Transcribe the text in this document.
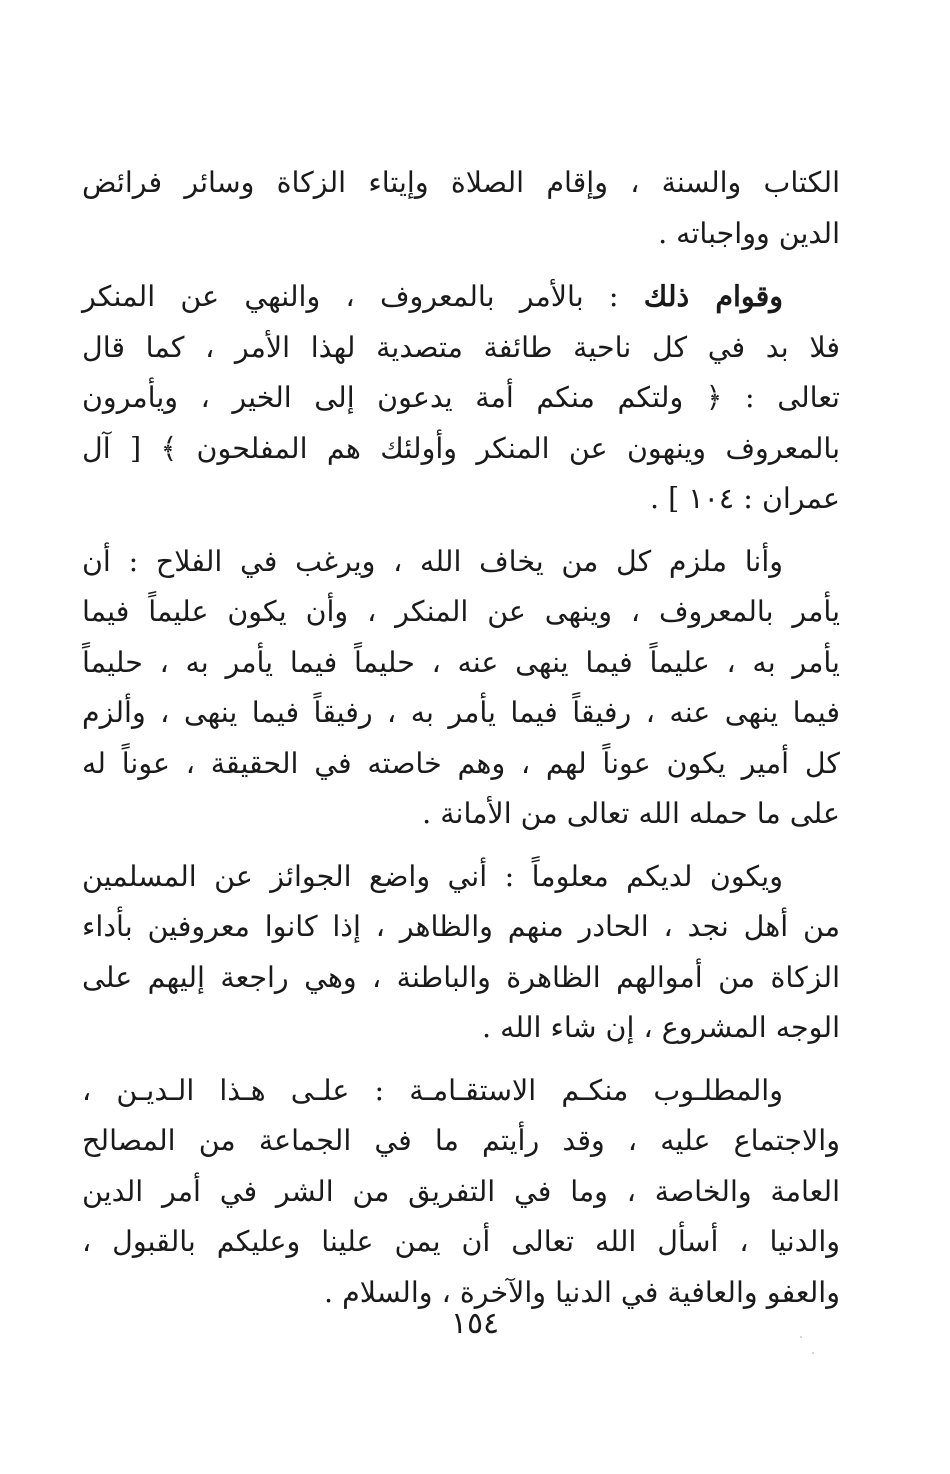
الكتاب والسنة ، وإقام الصلاة وإيتاء الزكاة وسائر فرائض
الدين وواجباته .

  وقوام ذلك : بالأمر بالمعروف ، والنهي عن المنكر
فلا بد في كل ناحية طائفة متصدية لهذا الأمر ، كما قال
تعالى : ﴿ ولتكم منكم أمة يدعون إلى الخير ، ويأمرون
بالمعروف وينهون عن المنكر وأولئك هم المفلحون ﴾ [ آل
عمران : ١٠٤ ] .

  وأنا ملزم كل من يخاف الله ، ويرغب في الفلاح : أن
يأمر بالمعروف ، وينهى عن المنكر ، وأن يكون عليماً فيما
يأمر به ، عليماً فيما ينهى عنه ، حليماً فيما يأمر به ، حليماً
فيما ينهى عنه ، رفيقاً فيما يأمر به ، رفيقاً فيما ينهى ، وألزم
كل أمير يكون عوناً لهم ، وهم خاصته في الحقيقة ، عوناً له
على ما حمله الله تعالى من الأمانة .

  ويكون لديكم معلوماً : أني واضع الجوائز عن المسلمين
من أهل نجد ، الحادر منهم والظاهر ، إذا كانوا معروفين بأداء
الزكاة من أموالهم الظاهرة والباطنة ، وهي راجعة إليهم على
الوجه المشروع ، إن شاء الله .

  والمطلـوب منكـم الاستقـامـة : علـى هـذا الـديـن ،
والاجتماع عليه ، وقد رأيتم ما في الجماعة من المصالح
العامة والخاصة ، وما في التفريق من الشر في أمر الدين
والدنيا ، أسأل الله تعالى أن يمن علينا وعليكم بالقبول ،
والعفو والعافية في الدنيا والآخرة ، والسلام .

١٥٤
